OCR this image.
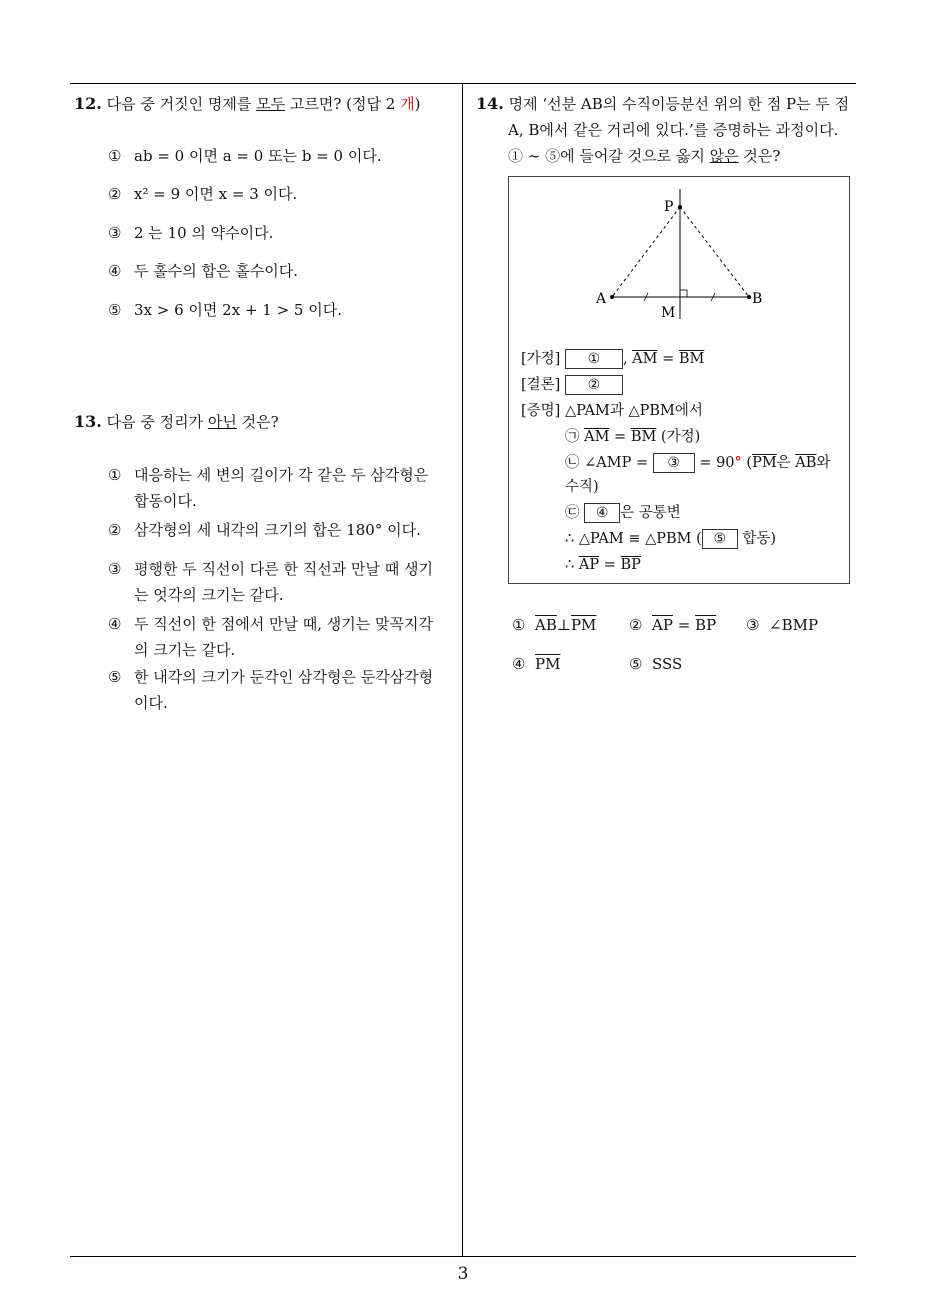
12. 다음 중 거짓인 명제를 모두 고르면? (정답 2 개)
① ab = 0 이면 a = 0 또는 b = 0 이다.
② x² = 9 이면 x = 3 이다.
③ 2 는 10 의 약수이다.
④ 두 홀수의 합은 홀수이다.
⑤ 3x > 6 이면 2x + 1 > 5 이다.
13. 다음 중 정리가 아닌 것은?
① 대응하는 세 변의 길이가 각 같은 두 삼각형은
합동이다.
② 삼각형의 세 내각의 크기의 합은 180° 이다.
③ 평행한 두 직선이 다른 한 직선과 만날 때 생기
는 엇각의 크기는 같다.
④ 두 직선이 한 점에서 만날 때, 생기는 맞꼭지각
의 크기는 같다.
⑤ 한 내각의 크기가 둔각인 삼각형은 둔각삼각형
이다.
14. 명제 ‘선분 AB의 수직이등분선 위의 한 점 P는 두 점
A, B에서 같은 거리에 있다.’를 증명하는 과정이다.
① ~ ⑤에 들어갈 것으로 옳지 않은 것은?
P
A	B
M
[가정] ① , $\overline{AM} = \overline{BM}$
[결론] ②
[증명] △PAM과 △PBM에서
㉠ $\overline{AM} = \overline{BM}$ (가정)
㉡ ∠AMP = ③ = 90° ($\overline{PM}$은 $\overline{AB}$와
수직)
㉢ ④ 은 공통변
∴ △PAM ≡ △PBM ( ⑤ 합동)
∴ $\overline{AP} = \overline{BP}$
① $\overline{AB}\perp\overline{PM}$ ② $\overline{AP} = \overline{BP}$ ③ ∠BMP
④ $\overline{PM}$	⑤ SSS
3
